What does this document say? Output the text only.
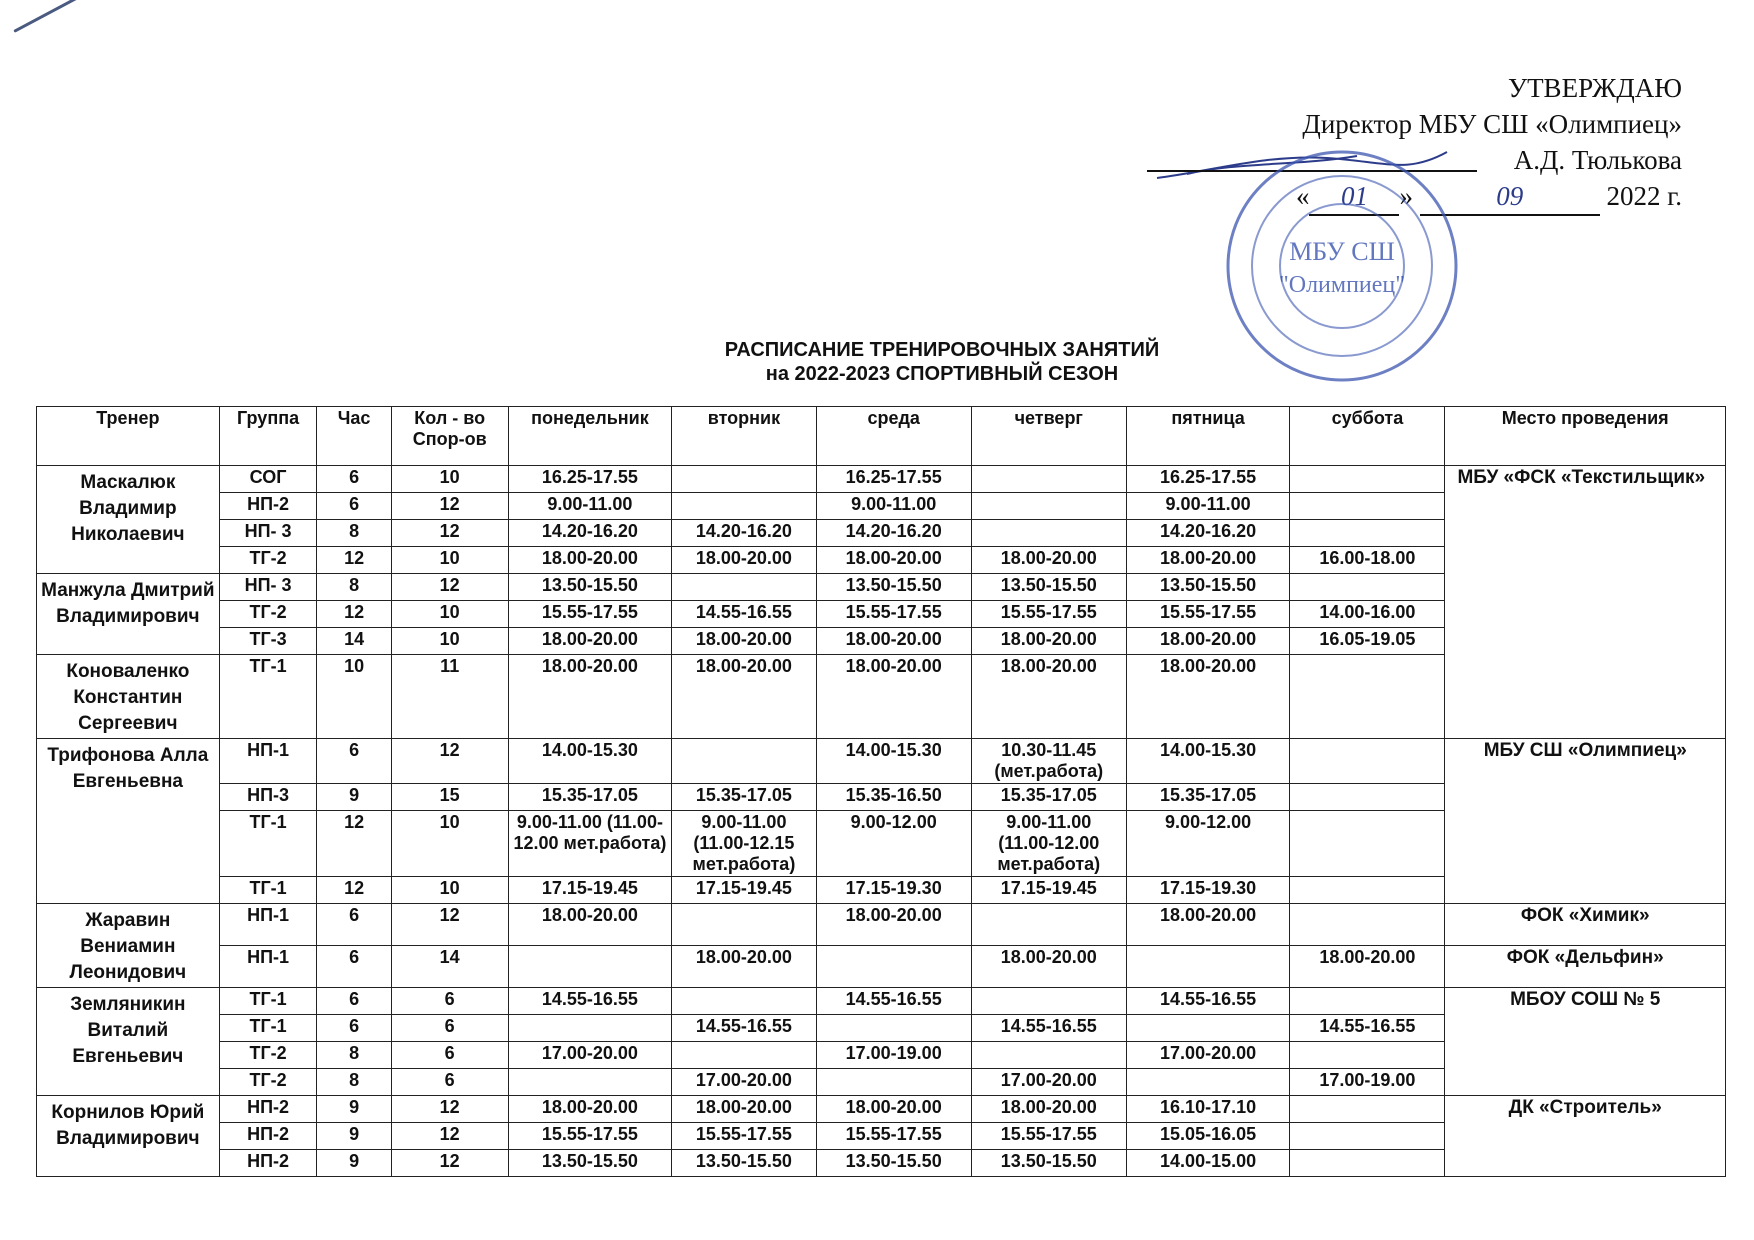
УТВЕРЖДАЮ
Директор МБУ СШ «Олимпиец»
А.Д. Тюлькова
« 01 »	09	2022 г.
МБУ СШ
"Олимпиец"
РАСПИСАНИЕ ТРЕНИРОВОЧНЫХ ЗАНЯТИЙ
на 2022-2023 СПОРТИВНЫЙ СЕЗОН
Тренер	Группа	Час	Кол - во Спор-ов	понедельник	вторник	среда	четверг	пятница	суббота	Место проведения
Маскалюк Владимир Николаевич	СОГ	6	10	16.25-17.55		16.25-17.55		16.25-17.55		МБУ «ФСК «Текстильщик»
	НП-2	6	12	9.00-11.00		9.00-11.00		9.00-11.00		
	НП- 3	8	12	14.20-16.20	14.20-16.20	14.20-16.20		14.20-16.20		
	ТГ-2	12	10	18.00-20.00	18.00-20.00	18.00-20.00	18.00-20.00	18.00-20.00	16.00-18.00	
Манжула Дмитрий Владимирович	НП- 3	8	12	13.50-15.50		13.50-15.50	13.50-15.50	13.50-15.50		
	ТГ-2	12	10	15.55-17.55	14.55-16.55	15.55-17.55	15.55-17.55	15.55-17.55	14.00-16.00	
	ТГ-3	14	10	18.00-20.00	18.00-20.00	18.00-20.00	18.00-20.00	18.00-20.00	16.05-19.05	
Коноваленко Константин Сергеевич	ТГ-1	10	11	18.00-20.00	18.00-20.00	18.00-20.00	18.00-20.00	18.00-20.00		
Трифонова Алла Евгеньевна	НП-1	6	12	14.00-15.30		14.00-15.30	10.30-11.45 (мет.работа)	14.00-15.30		МБУ СШ «Олимпиец»
	НП-3	9	15	15.35-17.05	15.35-17.05	15.35-16.50	15.35-17.05	15.35-17.05		
	ТГ-1	12	10	9.00-11.00 (11.00-12.00 мет.работа)	9.00-11.00 (11.00-12.15 мет.работа)	9.00-12.00	9.00-11.00 (11.00-12.00 мет.работа)	9.00-12.00		
	ТГ-1	12	10	17.15-19.45	17.15-19.45	17.15-19.30	17.15-19.45	17.15-19.30		
Жаравин Вениамин Леонидович	НП-1	6	12	18.00-20.00		18.00-20.00		18.00-20.00		ФОК «Химик»
	НП-1	6	14		18.00-20.00		18.00-20.00		18.00-20.00	ФОК «Дельфин»
Земляникин Виталий Евгеньевич	ТГ-1	6	6	14.55-16.55		14.55-16.55		14.55-16.55		МБОУ СОШ № 5
	ТГ-1	6	6		14.55-16.55		14.55-16.55		14.55-16.55	
	ТГ-2	8	6	17.00-20.00		17.00-19.00		17.00-20.00		
	ТГ-2	8	6		17.00-20.00		17.00-20.00		17.00-19.00	
Корнилов Юрий Владимирович	НП-2	9	12	18.00-20.00	18.00-20.00	18.00-20.00	18.00-20.00	16.10-17.10		ДК «Строитель»
	НП-2	9	12	15.55-17.55	15.55-17.55	15.55-17.55	15.55-17.55	15.05-16.05		
	НП-2	9	12	13.50-15.50	13.50-15.50	13.50-15.50	13.50-15.50	14.00-15.00		
